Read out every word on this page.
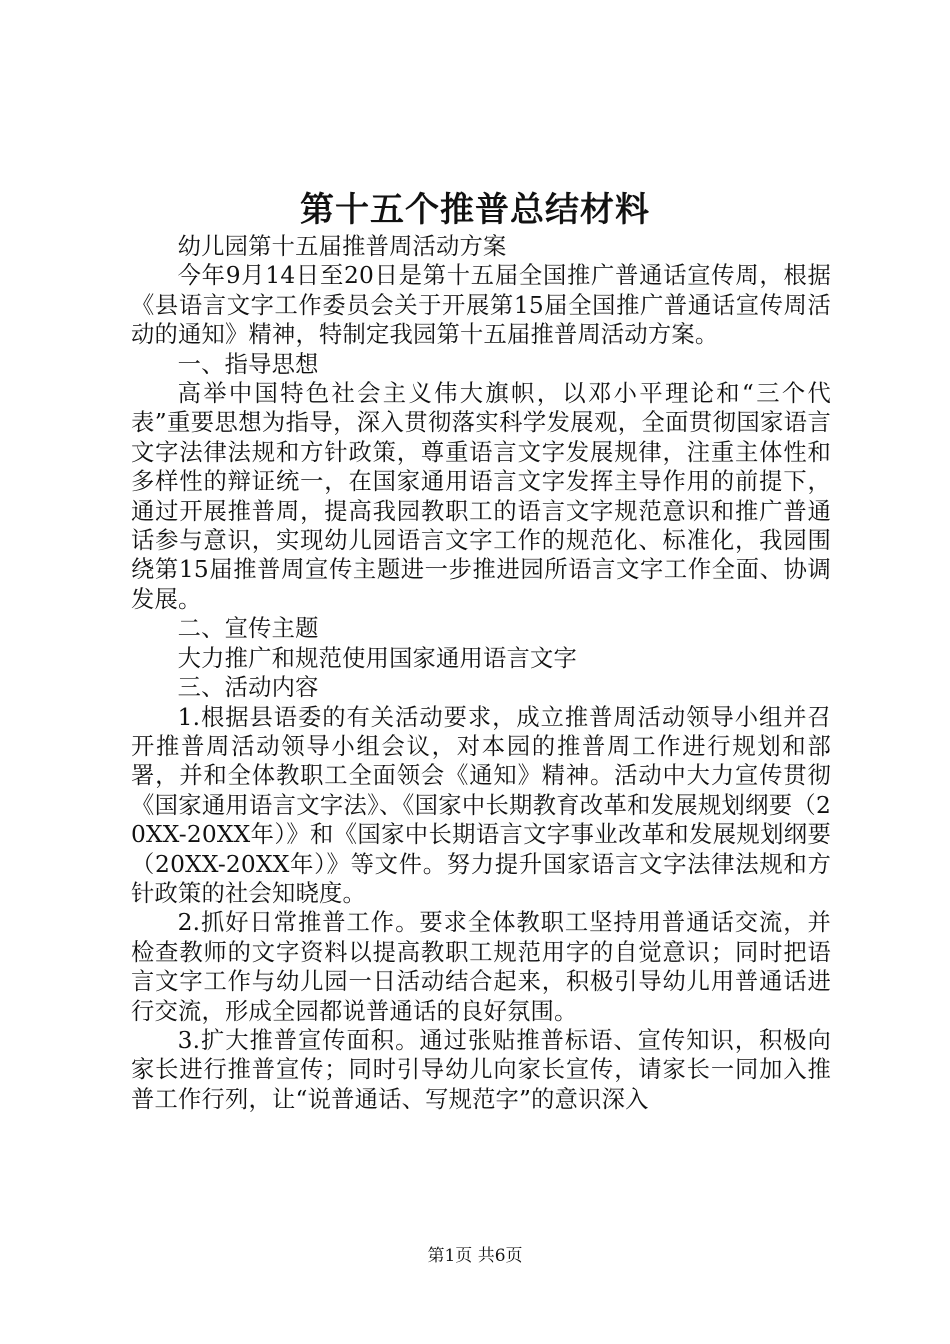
第十五个推普总结材料

幼儿园第十五届推普周活动方案

今年9月14日至20日是第十五届全国推广普通话宣传周，根据《县语言文字工作委员会关于开展第15届全国推广普通话宣传周活动的通知》精神，特制定我园第十五届推普周活动方案。

一、指导思想

高举中国特色社会主义伟大旗帜，以邓小平理论和“三个代表”重要思想为指导，深入贯彻落实科学发展观，全面贯彻国家语言文字法律法规和方针政策，尊重语言文字发展规律，注重主体性和多样性的辩证统一，在国家通用语言文字发挥主导作用的前提下，通过开展推普周，提高我园教职工的语言文字规范意识和推广普通话参与意识，实现幼儿园语言文字工作的规范化、标准化，我园围绕第15届推普周宣传主题进一步推进园所语言文字工作全面、协调发展。

二、宣传主题

大力推广和规范使用国家通用语言文字

三、活动内容

1.根据县语委的有关活动要求，成立推普周活动领导小组并召开推普周活动领导小组会议，对本园的推普周工作进行规划和部署，并和全体教职工全面领会《通知》精神。活动中大力宣传贯彻《国家通用语言文字法》、《国家中长期教育改革和发展规划纲要（20XX-20XX年）》和《国家中长期语言文字事业改革和发展规划纲要（20XX-20XX年）》等文件。努力提升国家语言文字法律法规和方针政策的社会知晓度。

2.抓好日常推普工作。要求全体教职工坚持用普通话交流，并检查教师的文字资料以提高教职工规范用字的自觉意识；同时把语言文字工作与幼儿园一日活动结合起来，积极引导幼儿用普通话进行交流，形成全园都说普通话的良好氛围。

3.扩大推普宣传面积。通过张贴推普标语、宣传知识，积极向家长进行推普宣传；同时引导幼儿向家长宣传，请家长一同加入推普工作行列，让“说普通话、写规范字”的意识深入

第1页 共6页
